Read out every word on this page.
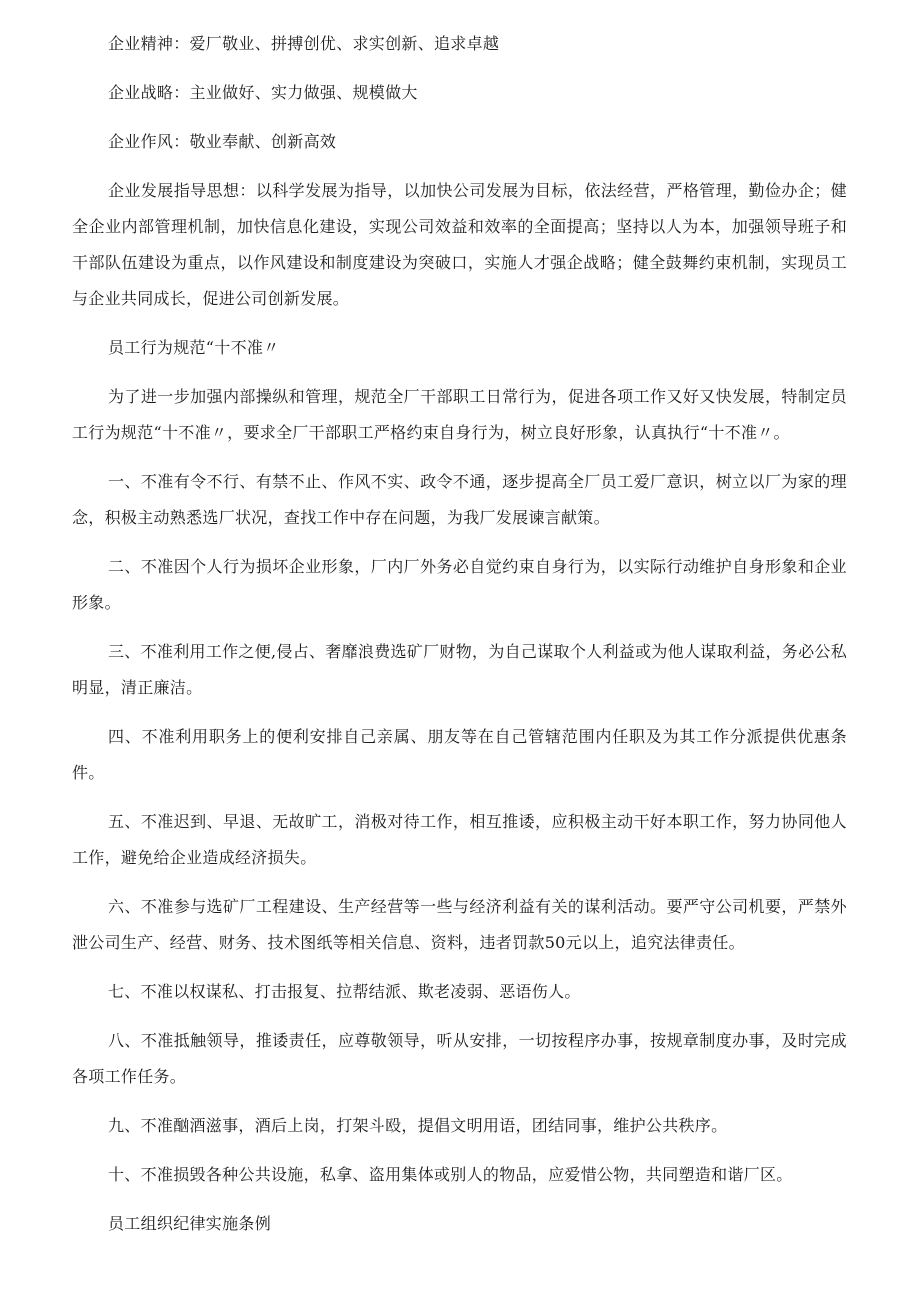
企业精神：爱厂敬业、拼搏创优、求实创新、追求卓越

企业战略：主业做好、实力做强、规模做大

企业作风：敬业奉献、创新高效

企业发展指导思想：以科学发展为指导，以加快公司发展为目标，依法经营，严格管理，勤俭办企；健全企业内部管理机制，加快信息化建设，实现公司效益和效率的全面提高；坚持以人为本，加强领导班子和干部队伍建设为重点，以作风建设和制度建设为突破口，实施人才强企战略；健全鼓舞约束机制，实现员工与企业共同成长，促进公司创新发展。

员工行为规范“十不准〃

为了进一步加强内部操纵和管理，规范全厂干部职工日常行为，促进各项工作又好又快发展，特制定员工行为规范“十不准〃，要求全厂干部职工严格约束自身行为，树立良好形象，认真执行“十不准〃。

一、不准有令不行、有禁不止、作风不实、政令不通，逐步提高全厂员工爱厂意识，树立以厂为家的理念，积极主动熟悉选厂状况，查找工作中存在问题，为我厂发展谏言献策。

二、不准因个人行为损坏企业形象，厂内厂外务必自觉约束自身行为，以实际行动维护自身形象和企业形象。

三、不准利用工作之便,侵占、奢靡浪费选矿厂财物，为自己谋取个人利益或为他人谋取利益，务必公私明显，清正廉洁。

四、不准利用职务上的便利安排自己亲属、朋友等在自己管辖范围内任职及为其工作分派提供优惠条件。

五、不准迟到、早退、无故旷工，消极对待工作，相互推诿，应积极主动干好本职工作，努力协同他人工作，避免给企业造成经济损失。

六、不准参与选矿厂工程建设、生产经营等一些与经济利益有关的谋利活动。要严守公司机要，严禁外泄公司生产、经营、财务、技术图纸等相关信息、资料，违者罚款50元以上，追究法律责任。

七、不准以权谋私、打击报复、拉帮结派、欺老凌弱、恶语伤人。

八、不准抵触领导，推诿责任，应尊敬领导，听从安排，一切按程序办事，按规章制度办事，及时完成各项工作任务。

九、不准酗酒滋事，酒后上岗，打架斗殴，提倡文明用语，团结同事，维护公共秩序。

十、不准损毁各种公共设施，私拿、盗用集体或别人的物品，应爱惜公物，共同塑造和谐厂区。

员工组织纪律实施条例
